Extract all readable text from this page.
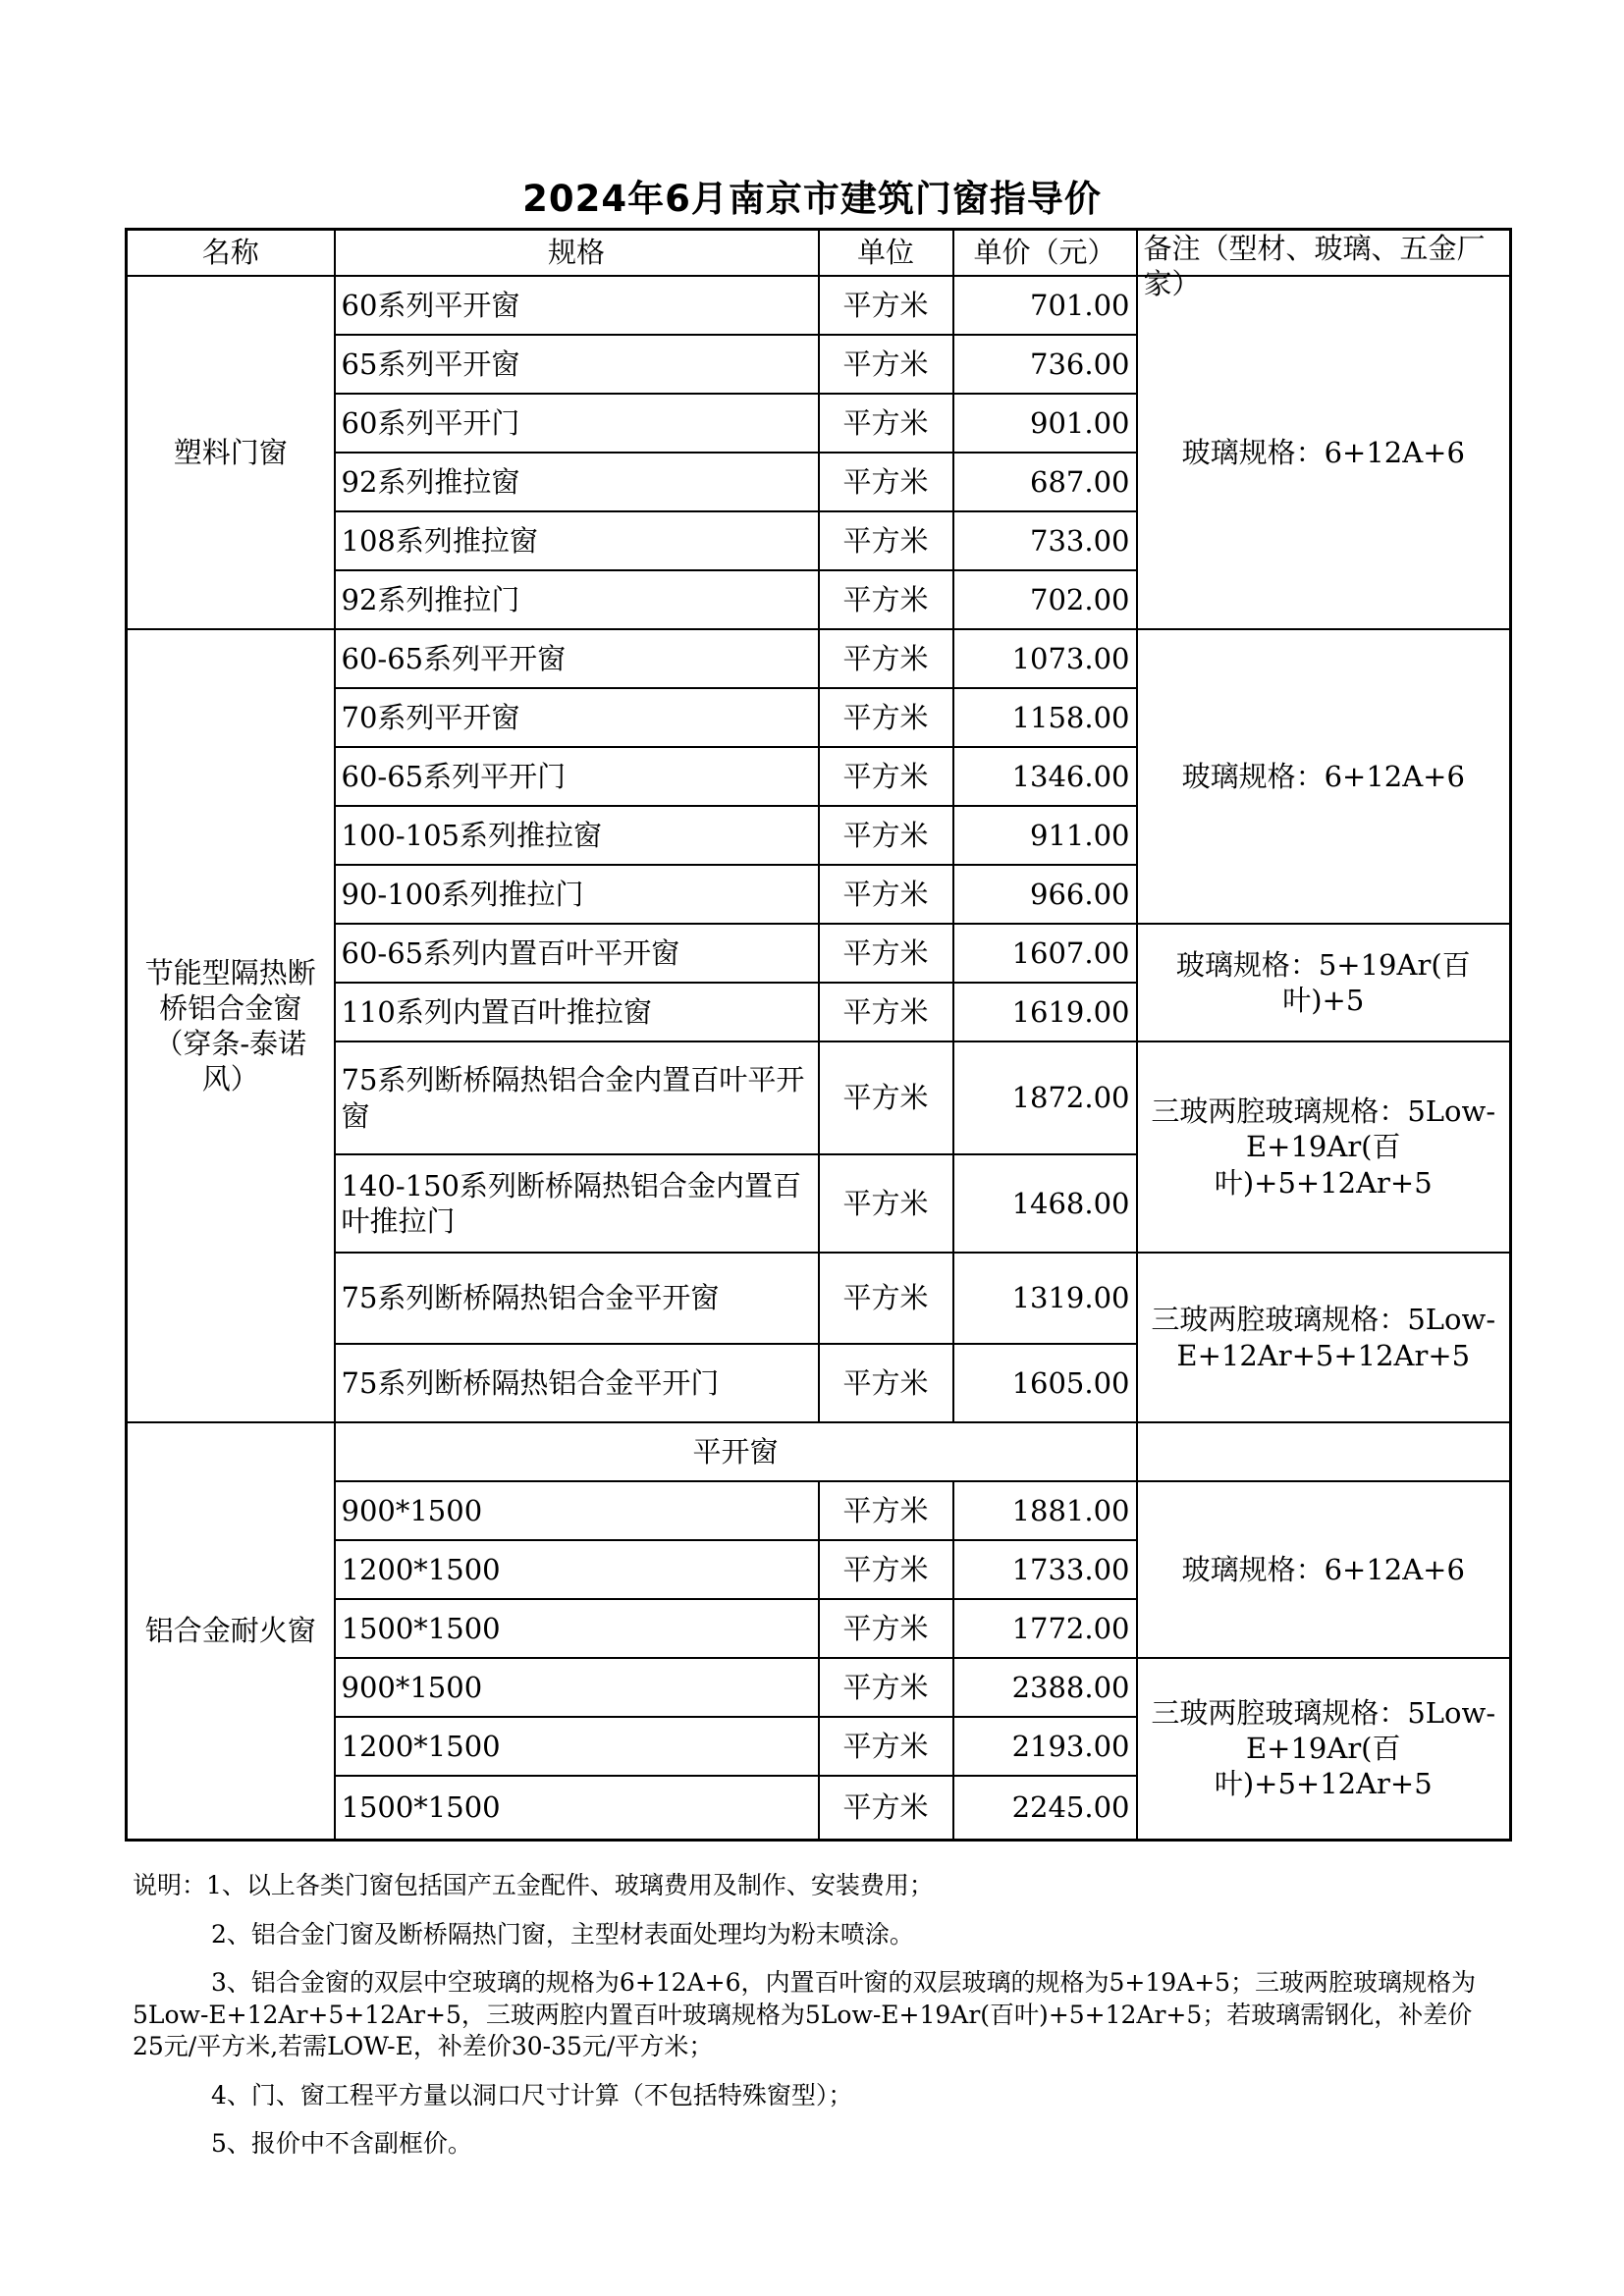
2024年6月南京市建筑门窗指导价
名称	规格	单位	单价（元）	备注（型材、玻璃、五金厂家）

塑料门窗	60系列平开窗	平方米	701.00	玻璃规格：6+12A+6
	65系列平开窗	平方米	736.00	
	60系列平开门	平方米	901.00	
	92系列推拉窗	平方米	687.00	
	108系列推拉窗	平方米	733.00	
	92系列推拉门	平方米	702.00	
节能型隔热断桥铝合金窗（穿条-泰诺风）	60-65系列平开窗	平方米	1073.00	玻璃规格：6+12A+6
	70系列平开窗	平方米	1158.00	
	60-65系列平开门	平方米	1346.00	
	100-105系列推拉窗	平方米	911.00	
	90-100系列推拉门	平方米	966.00	
	60-65系列内置百叶平开窗	平方米	1607.00	玻璃规格：5+19Ar(百叶)+5
	110系列内置百叶推拉窗	平方米	1619.00	
	75系列断桥隔热铝合金内置百叶平开窗	平方米	1872.00	三玻两腔玻璃规格：5Low-E+19Ar(百叶)+5+12Ar+5
	140-150系列断桥隔热铝合金内置百叶推拉门	平方米	1468.00	
	75系列断桥隔热铝合金平开窗	平方米	1319.00	三玻两腔玻璃规格：5Low-E+12Ar+5+12Ar+5
	75系列断桥隔热铝合金平开门	平方米	1605.00	
铝合金耐火窗	平开窗			
	900*1500	平方米	1881.00	玻璃规格：6+12A+6
	1200*1500	平方米	1733.00	
	1500*1500	平方米	1772.00	
	900*1500	平方米	2388.00	三玻两腔玻璃规格：5Low-E+19Ar(百叶)+5+12Ar+5
	1200*1500	平方米	2193.00	
	1500*1500	平方米	2245.00	

说明：1、以上各类门窗包括国产五金配件、玻璃费用及制作、安装费用；

2、铝合金门窗及断桥隔热门窗，主型材表面处理均为粉末喷涂。

3、铝合金窗的双层中空玻璃的规格为6+12A+6，内置百叶窗的双层玻璃的规格为5+19A+5；三玻两腔玻璃规格为5Low-E+12Ar+5+12Ar+5，三玻两腔内置百叶玻璃规格为5Low-E+19Ar(百叶)+5+12Ar+5；若玻璃需钢化，补差价25元/平方米,若需LOW-E，补差价30-35元/平方米；

4、门、窗工程平方量以洞口尺寸计算（不包括特殊窗型）；

5、报价中不含副框价。
